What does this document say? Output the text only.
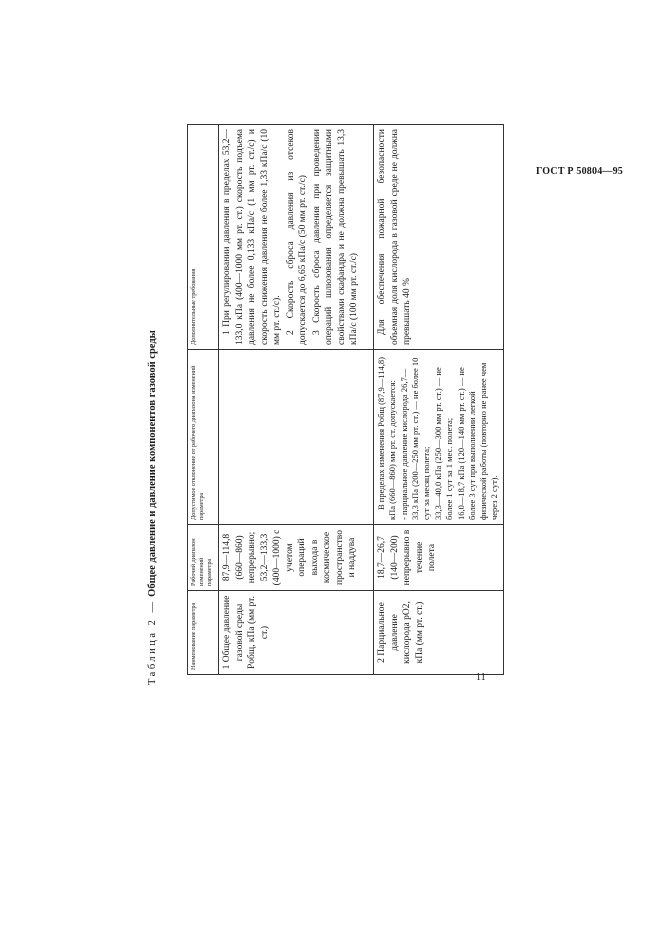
ГОСТ Р 50804—95
Таблица 2 — Общее давление и давление компонентов газовой среды
Наименование параметра	Рабочий диапазон изменений параметра	Допустимое отклонение от рабочего диапазона изменений параметра	Дополнительные требования
1 Общее давление газовой среды Pобщ, кПа (мм рт. ст.)	87,9—114,8 (660—860) непрерывно; 53,2—133,3 (400—1000) с учетом операций выхода в космическое пространство и наддува		1 При регулировании давления в пределах 53,2—133,0 кПа (400—1000 мм рт. ст.) скорость подъема давления не более 0,133 кПа/с (1 мм рт. ст./с) и скорость снижения давления не более 1,33 кПа/с (10 мм рт. ст./с). 2 Скорость сброса давления из отсеков допускается до 6,65 кПа/с (50 мм рт. ст./с) 3 Скорость сброса давления при проведении операций шлюзования определяется защитными свойствами скафандра и не должна превышать 13,3 кПа/с (100 мм рт. ст./с)

2 Парциальное давление кислорода pO2, кПа (мм рт. ст.)	18,7—26,7 (140—200) непрерывно в течение полета	В пределах изменения Pобщ (87,9—114,8) кПа (660—860) мм рт. ст. допускается: - парциальное давление кислорода 26,7—33,3 кПа (200—250 мм рт. ст.) — не более 10 сут за месяц полета; 33,3—40,0 кПа (250—300 мм рт. ст.) — не более 1 сут за 1 мес. полета; 16,0—18,7 кПа (120—140 мм рт. ст.) — не более 3 сут при выполнении легкой физической работы (повторно не ранее чем через 2 сут).	Для обеспечения пожарной безопасности объемная доля кислорода в газовой среде не должна превышать 40 %
11
